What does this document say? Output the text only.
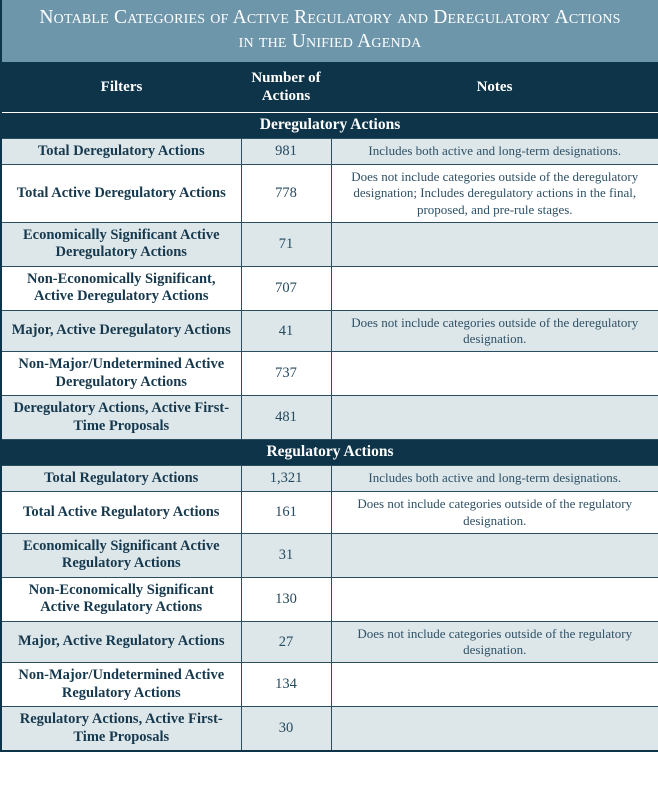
Notable Categories of Active Regulatory and Deregulatory Actions in the Unified Agenda		
Filters	Number of Actions	Notes
Deregulatory Actions		
Total Deregulatory Actions	981	Includes both active and long-term designations.
Total Active Deregulatory Actions	778	Does not include categories outside of the deregulatory designation; Includes deregulatory actions in the final, proposed, and pre-rule stages.
Economically Significant Active Deregulatory Actions	71	
Non-Economically Significant, Active Deregulatory Actions	707	
Major, Active Deregulatory Actions	41	Does not include categories outside of the deregulatory designation.
Non-Major/Undetermined Active Deregulatory Actions	737	
Deregulatory Actions, Active First-Time Proposals	481	
Regulatory Actions		
Total Regulatory Actions	1,321	Includes both active and long-term designations.
Total Active Regulatory Actions	161	Does not include categories outside of the regulatory designation.
Economically Significant Active Regulatory Actions	31	
Non-Economically Significant Active Regulatory Actions	130	
Major, Active Regulatory Actions	27	Does not include categories outside of the regulatory designation.
Non-Major/Undetermined Active Regulatory Actions	134	
Regulatory Actions, Active First-Time Proposals	30	
